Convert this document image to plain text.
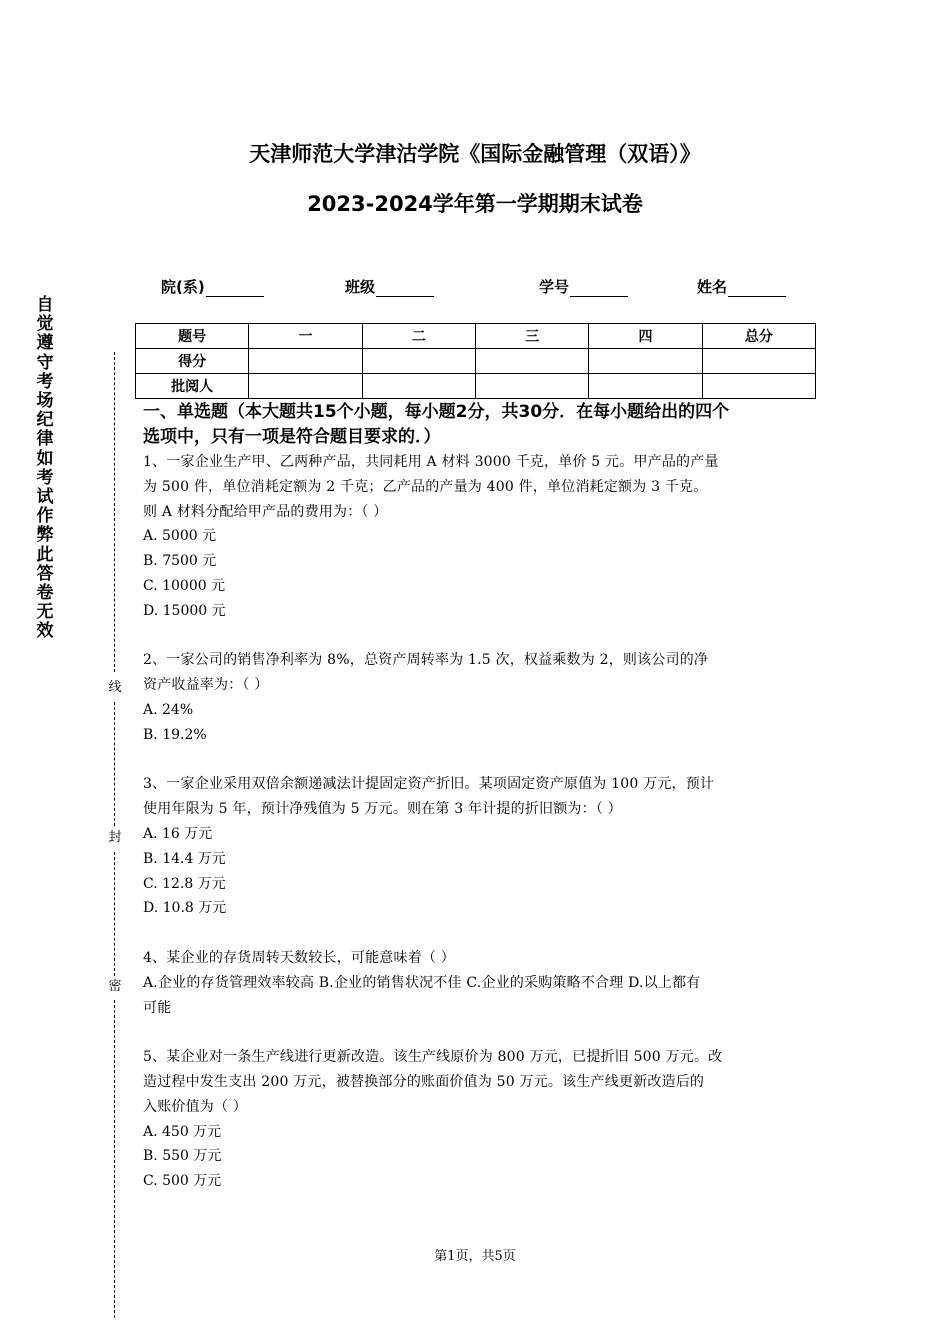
天津师范大学津沽学院《国际金融管理（双语）》
2023-2024学年第一学期期末试卷
院(系)	班级	学号	姓名
题号	一	二	三	四	总分
得分					
批阅人					
自
觉
遵
守
考
场
纪
律
如
考
试
作
弊
此
答
卷
无
效
线
封
密

一、单选题（本大题共15个小题，每小题2分，共30分．在每小题给出的四个

选项中，只有一项是符合题目要求的．）

1、一家企业生产甲、乙两种产品，共同耗用 A 材料 3000 千克，单价 5 元。甲产品的产量

为 500 件，单位消耗定额为 2 千克；乙产品的产量为 400 件，单位消耗定额为 3 千克。

则 A 材料分配给甲产品的费用为：（ ）

A. 5000 元

B. 7500 元

C. 10000 元

D. 15000 元

2、一家公司的销售净利率为 8%，总资产周转率为 1.5 次，权益乘数为 2，则该公司的净

资产收益率为：（ ）

A. 24%

B. 19.2%

3、一家企业采用双倍余额递减法计提固定资产折旧。某项固定资产原值为 100 万元，预计

使用年限为 5 年，预计净残值为 5 万元。则在第 3 年计提的折旧额为：（ ）

A. 16 万元

B. 14.4 万元

C. 12.8 万元

D. 10.8 万元

4、某企业的存货周转天数较长，可能意味着（ ）

A.企业的存货管理效率较高 B.企业的销售状况不佳 C.企业的采购策略不合理 D.以上都有

可能

5、某企业对一条生产线进行更新改造。该生产线原价为 800 万元，已提折旧 500 万元。改

造过程中发生支出 200 万元，被替换部分的账面价值为 50 万元。该生产线更新改造后的

入账价值为（ ）

A. 450 万元

B. 550 万元

C. 500 万元

第1页，共5页
